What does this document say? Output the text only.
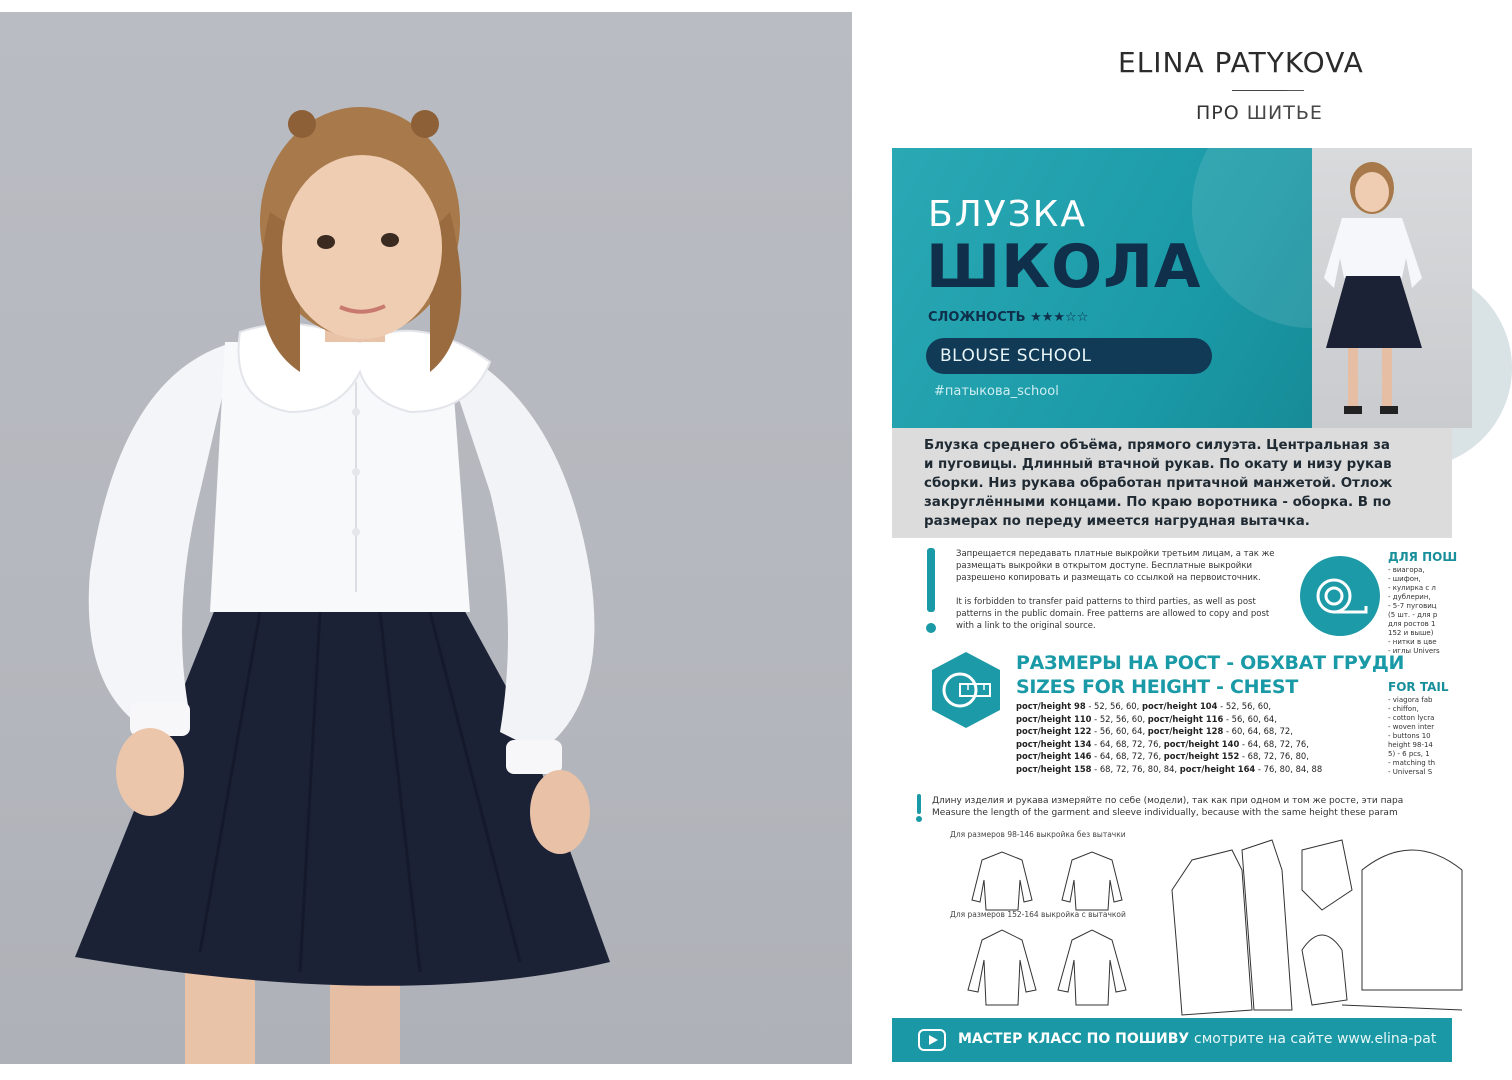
ELINA PATYKOVA
ПРО ШИТЬЕ
БЛУЗКА
ШКОЛА
СЛОЖНОСТЬ ★★★☆☆
BLOUSE SCHOOL
#патыкова_school
Блузка среднего объёма, прямого силуэта. Центральная за
и пуговицы. Длинный втачной рукав. По окату и низу рукав
сборки. Низ рукава обработан притачной манжетой. Отлож
закруглёнными концами. По краю воротника - оборка. В по
размерах по переду имеется нагрудная вытачка.
Запрещается передавать платные выкройки третьим лицам, а так же размещать выкройки в открытом доступе. Бесплатные выкройки разрешено копировать и размещать со ссылкой на первоисточник.
It is forbidden to transfer paid patterns to third parties, as well as post patterns in the public domain. Free patterns are allowed to copy and post with a link to the original source.
ДЛЯ ПОШ
- виагора,
- шифон,
- кулирка с л
- дублерин,
- 5-7 пуговиц
(5 шт. - для р
для ростов 1
152 и выше)
- нитки в цве
- иглы Univers
FOR TAIL
- viagora fab
- chiffon,
- cotton lycra
- woven inter
- buttons 10
height 98-14
5) - 6 pcs, 1
- matching th
- Universal S
РАЗМЕРЫ НА РОСТ - ОБХВАТ ГРУДИ
SIZES FOR HEIGHT - CHEST
рост/height 98 - 52, 56, 60, рост/height 104 - 52, 56, 60,
рост/height 110 - 52, 56, 60, рост/height 116 - 56, 60, 64,
рост/height 122 - 56, 60, 64, рост/height 128 - 60, 64, 68, 72,
рост/height 134 - 64, 68, 72, 76, рост/height 140 - 64, 68, 72, 76,
рост/height 146 - 64, 68, 72, 76, рост/height 152 - 68, 72, 76, 80,
рост/height 158 - 68, 72, 76, 80, 84, рост/height 164 - 76, 80, 84, 88
Длину изделия и рукава измеряйте по себе (модели), так как при одном и том же росте, эти пара
Measure the length of the garment and sleeve individually, because with the same height these param
Для размеров 98-146 выкройка без вытачки
Для размеров 152-164 выкройка с вытачкой
МАСТЕР КЛАСС ПО ПОШИВУ смотрите на сайте www.elina-pat
